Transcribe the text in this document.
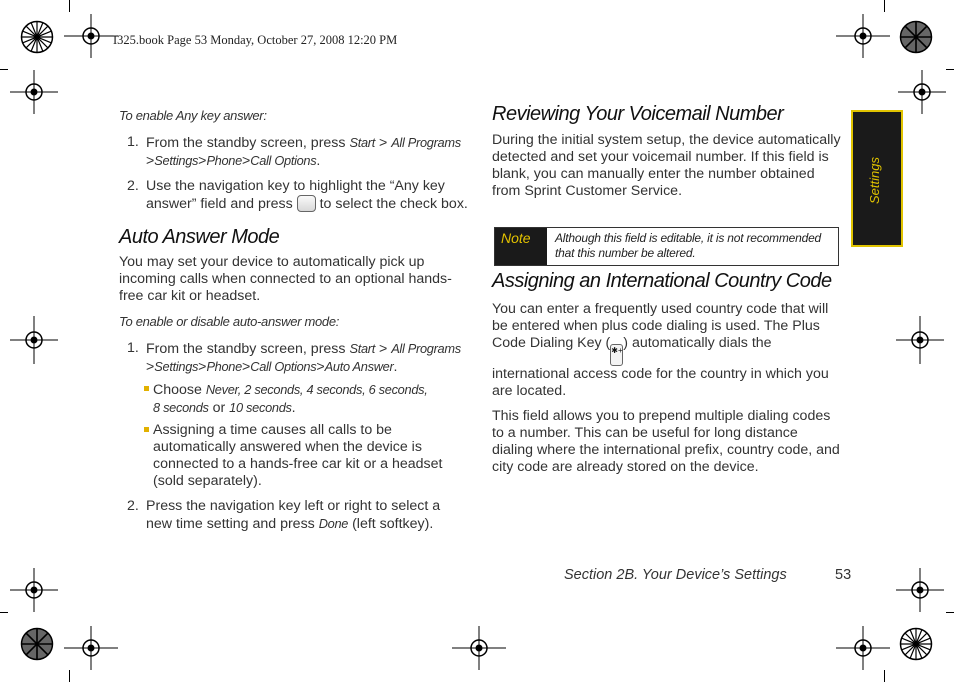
I325.book Page 53 Monday, October 27, 2008 12:20 PM
Settings
To enable Any key answer:
1. From the standby screen, press Start > All Programs
>Settings>Phone>Call Options.
2. Use the navigation key to highlight the “Any key answer” field and press to select the check box.
Auto Answer Mode
You may set your device to automatically pick up incoming calls when connected to an optional hands-free car kit or headset.
To enable or disable auto-answer mode:
1. From the standby screen, press Start > All Programs
>Settings>Phone>Call Options>Auto Answer.
Choose Never, 2 seconds, 4 seconds, 6 seconds,
8 seconds or 10 seconds.
Assigning a time causes all calls to be automatically answered when the device is connected to a hands-free car kit or a headset (sold separately).
2. Press the navigation key left or right to select a new time setting and press Done (left softkey).
Reviewing Your Voicemail Number
During the initial system setup, the device automatically detected and set your voicemail number. If this field is blank, you can manually enter the number obtained from Sprint Customer Service.
Note	Although this field is editable, it is not recommended that this number be altered.
Assigning an International Country Code
You can enter a frequently used country code that will be entered when plus code dialing is used. The Plus Code Dialing Key (✱+) automatically dials the international access code for the country in which you are located.
This field allows you to prepend multiple dialing codes to a number. This can be useful for long distance dialing where the international prefix, country code, and city code are already stored on the device.
Section 2B. Your Device’s Settings	53
